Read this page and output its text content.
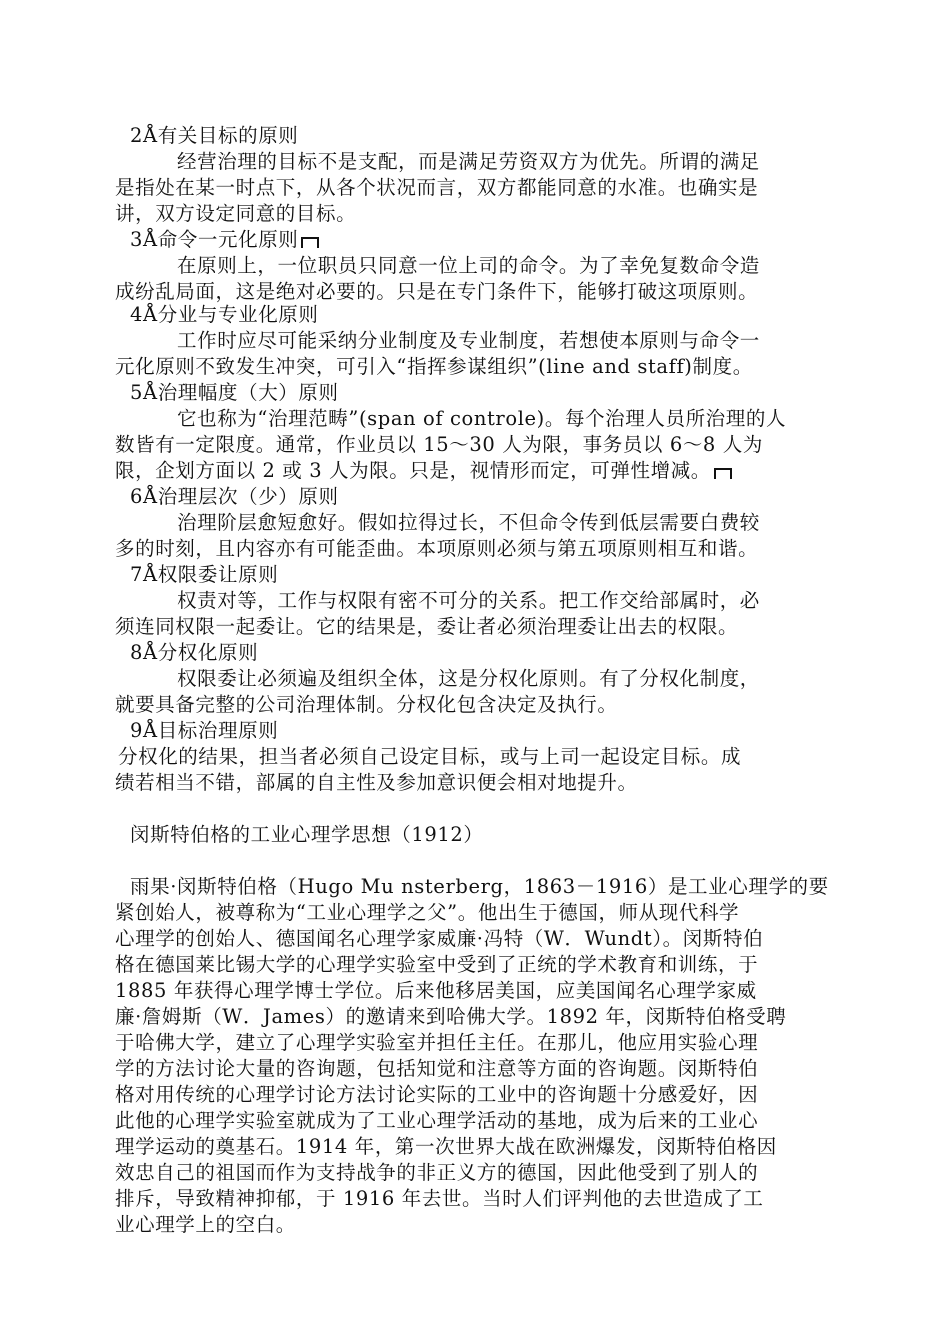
2Å有关目标的原则
经营治理的目标不是支配，而是满足劳资双方为优先。所谓的满足
是指处在某一时点下，从各个状况而言，双方都能同意的水准。也确实是
讲，双方设定同意的目标。
3Å命令一元化原则
在原则上，一位职员只同意一位上司的命令。为了幸免复数命令造
成纷乱局面，这是绝对必要的。只是在专门条件下，能够打破这项原则。
4Å分业与专业化原则
工作时应尽可能采纳分业制度及专业制度，若想使本原则与命令一
元化原则不致发生冲突，可引入“指挥参谋组织”(line and staff)制度。
5Å治理幅度（大）原则
它也称为“治理范畴”(span of controle)。每个治理人员所治理的人
数皆有一定限度。通常，作业员以 15～30 人为限，事务员以 6～8 人为
限，企划方面以 2 或 3 人为限。只是，视情形而定，可弹性增减。
6Å治理层次（少）原则
治理阶层愈短愈好。假如拉得过长，不但命令传到低层需要白费较
多的时刻，且内容亦有可能歪曲。本项原则必须与第五项原则相互和谐。
7Å权限委让原则
权责对等，工作与权限有密不可分的关系。把工作交给部属时，必
须连同权限一起委让。它的结果是，委让者必须治理委让出去的权限。
8Å分权化原则
权限委让必须遍及组织全体，这是分权化原则。有了分权化制度，
就要具备完整的公司治理体制。分权化包含决定及执行。
9Å目标治理原则
分权化的结果，担当者必须自己设定目标，或与上司一起设定目标。成
绩若相当不错，部属的自主性及参加意识便会相对地提升。
闵斯特伯格的工业心理学思想（1912）
雨果·闵斯特伯格（Hugo Mu nsterberg，1863－1916）是工业心理学的要
紧创始人，被尊称为“工业心理学之父”。他出生于德国，师从现代科学
心理学的创始人、德国闻名心理学家威廉·冯特（W．Wundt）。闵斯特伯
格在德国莱比锡大学的心理学实验室中受到了正统的学术教育和训练，于
1885 年获得心理学博士学位。后来他移居美国，应美国闻名心理学家威
廉·詹姆斯（W．James）的邀请来到哈佛大学。1892 年，闵斯特伯格受聘
于哈佛大学，建立了心理学实验室并担任主任。在那儿，他应用实验心理
学的方法讨论大量的咨询题，包括知觉和注意等方面的咨询题。闵斯特伯
格对用传统的心理学讨论方法讨论实际的工业中的咨询题十分感爱好，因
此他的心理学实验室就成为了工业心理学活动的基地，成为后来的工业心
理学运动的奠基石。1914 年，第一次世界大战在欧洲爆发，闵斯特伯格因
效忠自己的祖国而作为支持战争的非正义方的德国，因此他受到了别人的
排斥，导致精神抑郁，于 1916 年去世。当时人们评判他的去世造成了工
业心理学上的空白。
